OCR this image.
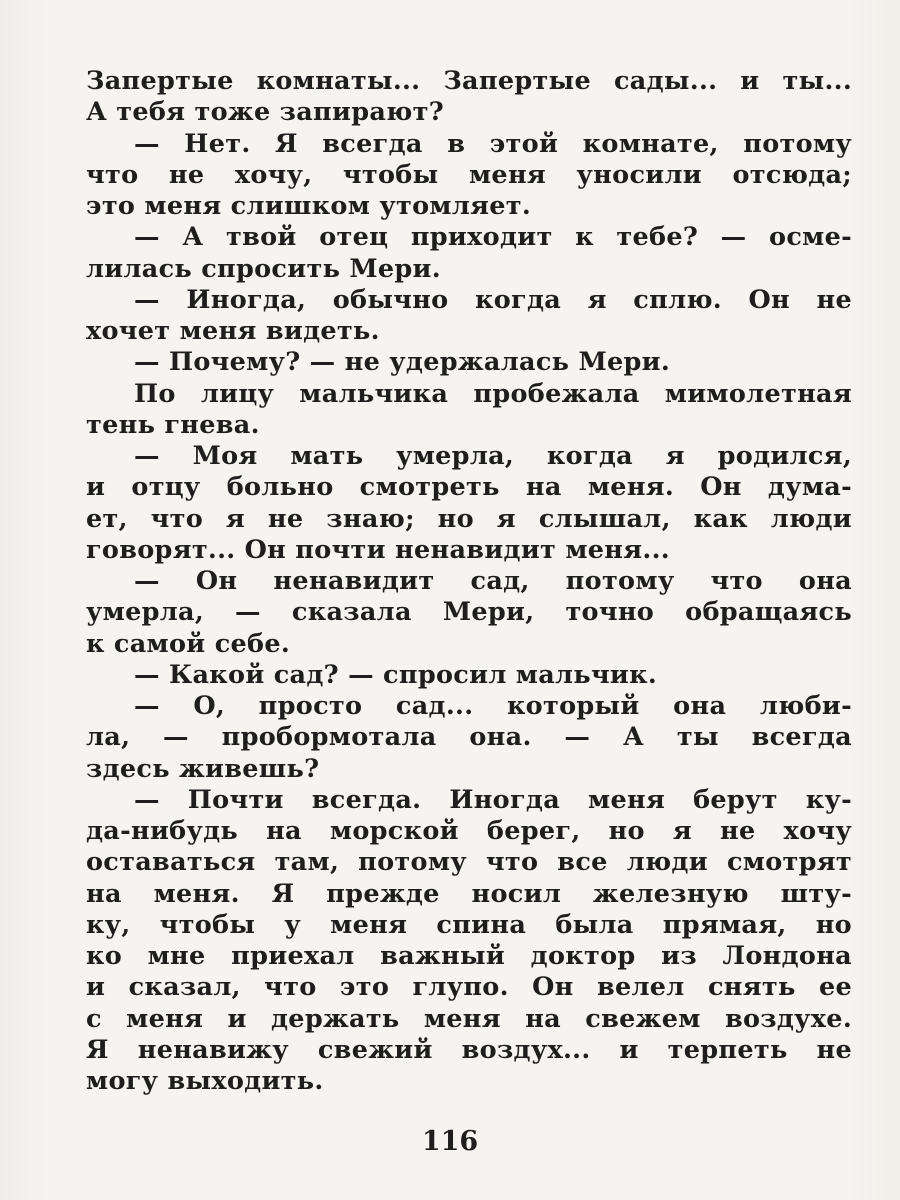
Запертые комнаты... Запертые сады... и ты...
А тебя тоже запирают?
— Нет. Я всегда в этой комнате, потому
что не хочу, чтобы меня уносили отсюда;
это меня слишком утомляет.
— А твой отец приходит к тебе? — осме-
лилась спросить Мери.
— Иногда, обычно когда я сплю. Он не
хочет меня видеть.
— Почему? — не удержалась Мери.
По лицу мальчика пробежала мимолетная
тень гнева.
— Моя мать умерла, когда я родился,
и отцу больно смотреть на меня. Он дума-
ет, что я не знаю; но я слышал, как люди
говорят... Он почти ненавидит меня...
— Он ненавидит сад, потому что она
умерла, — сказала Мери, точно обращаясь
к самой себе.
— Какой сад? — спросил мальчик.
— О, просто сад... который она люби-
ла, — пробормотала она. — А ты всегда
здесь живешь?
— Почти всегда. Иногда меня берут ку-
да-нибудь на морской берег, но я не хочу
оставаться там, потому что все люди смотрят
на меня. Я прежде носил железную шту-
ку, чтобы у меня спина была прямая, но
ко мне приехал важный доктор из Лондона
и сказал, что это глупо. Он велел снять ее
с меня и держать меня на свежем воздухе.
Я ненавижу свежий воздух... и терпеть не
могу выходить.
116
